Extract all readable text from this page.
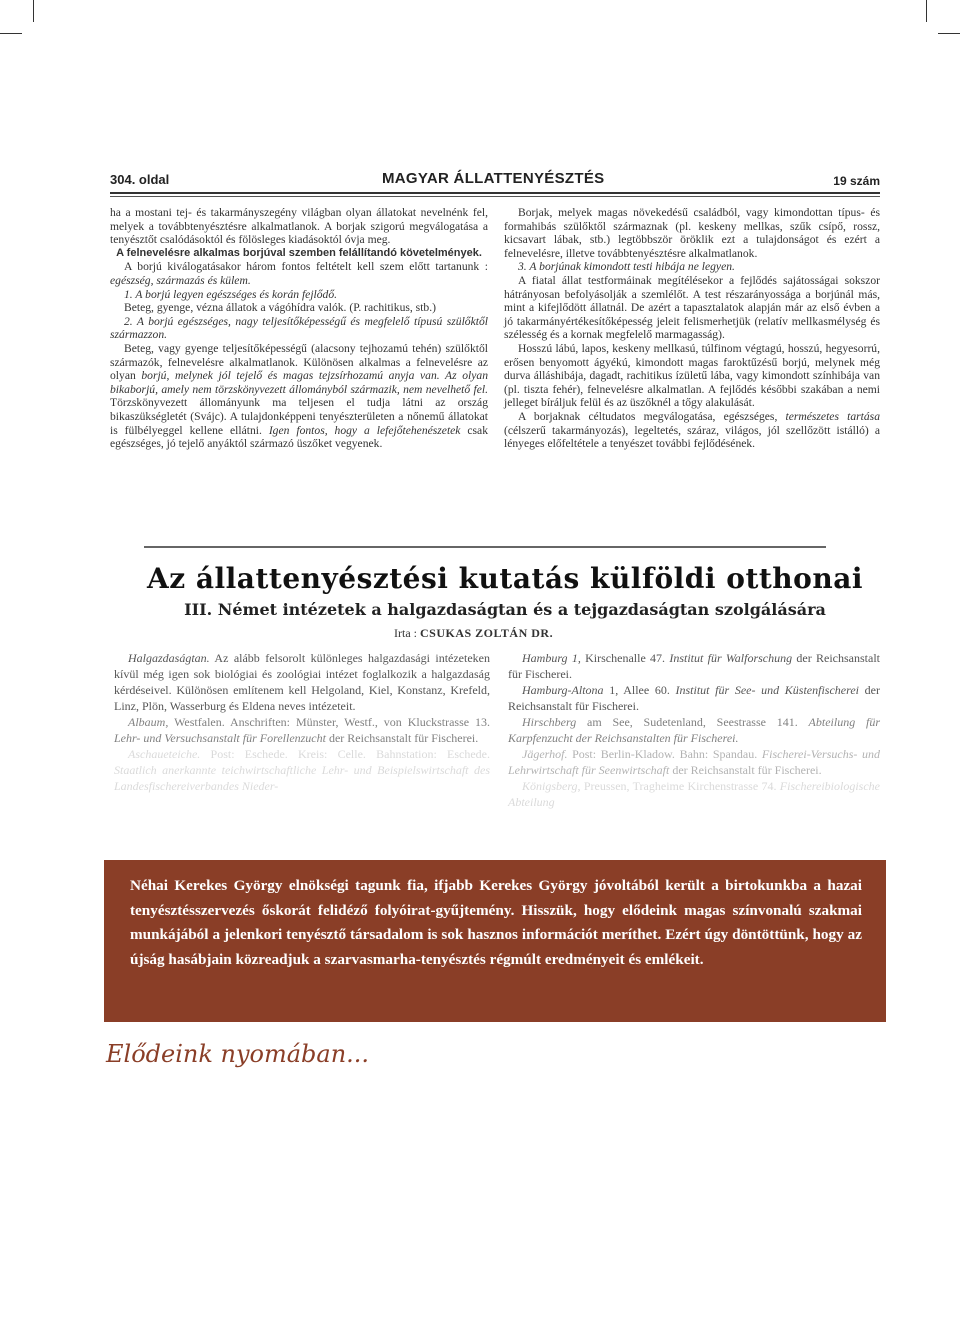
304. oldal	MAGYAR ÁLLATTENYÉSZTÉS	19 szám

ha a mostani tej- és takarmányszegény világban olyan állatokat nevelnénk fel, melyek a továbbtenyésztésre alkalmatlanok. A borjak szigorú megválogatása a tenyésztőt csalódásoktól és fölösleges kiadásoktól óvja meg.

A felnevelésre alkalmas borjúval szemben felállítandó követelmények.

A borjú kiválogatásakor három fontos feltételt kell szem előtt tartanunk : egészség, származás és külem.

1. A borjú legyen egészséges és korán fejlődő.

Beteg, gyenge, vézna állatok a vágóhídra valók. (P. rachitikus, stb.)

2. A borjú egészséges, nagy teljesítőképességű és megfelelő típusú szülőktől származzon.

Beteg, vagy gyenge teljesítőképességű (alacsony tejhozamú tehén) szülőktől származók, felnevelésre alkalmatlanok. Különösen alkalmas a felnevelésre az olyan borjú, melynek jól tejelő és magas tejzsírhozamú anyja van. Az olyan bikaborjú, amely nem törzskönyvezett állományból származik, nem nevelhető fel. Törzskönyvezett állományunk ma teljesen el tudja látni az ország bikaszükségletét (Svájc). A tulajdonképpeni tenyészterületen a nőnemű állatokat is fülbélyeggel kellene ellátni. Igen fontos, hogy a lefejőtehenészetek csak egészséges, jó tejelő anyáktól származó üszőket vegyenek.

Borjak, melyek magas növekedésű családból, vagy kimondottan típus- és formahibás szülőktől származnak (pl. keskeny mellkas, szűk csípő, rossz, kicsavart lábak, stb.) legtöbbször öröklik ezt a tulajdonságot és ezért a felnevelésre, illetve továbbtenyésztésre alkalmatlanok.

3. A borjúnak kimondott testi hibája ne legyen.

A fiatal állat testformáinak megítélésekor a fejlődés sajátosságai sokszor hátrányosan befolyásolják a szemlélőt. A test részarányossága a borjúnál más, mint a kifejlődött állatnál. De azért a tapasztalatok alapján már az első évben a jó takarmányértékesítőképesség jeleit felismerhetjük (relatív mellkasmélység és szélesség és a kornak megfelelő marmagasság).

Hosszú lábú, lapos, keskeny mellkasú, túlfinom végtagú, hosszú, hegyesorrú, erősen benyomott ágyékú, kimondott magas faroktűzésű borjú, melynek még durva álláshibája, dagadt, rachitikus ízületű lába, vagy kimondott színhibája van (pl. tiszta fehér), felnevelésre alkalmatlan. A fejlődés későbbi szakában a nemi jelleget bírálјuk felül és az üszőknél a tőgy alakulását.

A borjaknak céltudatos megválogatása, egészséges, természetes tartása (célszerű takarmányozás), legeltetés, száraz, világos, jól szellőzött istálló) a lényeges előfeltétele a tenyészet további fejlődésének.

Az állattenyésztési kutatás külföldi otthonai
III. Német intézetek a halgazdaságtan és a tejgazdaságtan szolgálására
Irta : CSUKAS ZOLTÁN DR.

Halgazdaságtan. Az alább felsorolt különleges halgazdasági intézeteken kívül még igen sok biológiai és zoológiai intézet foglalkozik a halgazdaság kérdéseivel. Különösen említenem kell Helgoland, Kiel, Konstanz, Krefeld, Linz, Plön, Wasserburg és Eldena neves intézeteit.

Albaum, Westfalen. Anschriften: Münster, Westf., von Kluckstrasse 13. Lehr- und Versuchsanstalt für Forellenzucht der Reichsanstalt für Fischerei.

Aschaueteiche. Post: Eschede. Kreis: Celle. Bahnstation: Eschede. Staatlich anerkannte teichwirtschaftliche Lehr- und Beispielswirtschaft des Landesfischereiverbandes Nieder-

Hamburg 1, Kirschenalle 47. Institut für Walforschung der Reichsanstalt für Fischerei.

Hamburg-Altona 1, Allee 60. Institut für See- und Küstenfischerei der Reichsanstalt für Fischerei.

Hirschberg am See, Sudetenland, Seestrasse 141. Abteilung für Karpfenzucht der Reichsanstalten für Fischerei.

Jägerhof. Post: Berlin-Kladow. Bahn: Spandau. Fischerei-Versuchs- und Lehrwirtschaft für Seenwirtschaft der Reichsanstalt für Fischerei.

Königsberg, Preussen, Tragheime Kirchenstrasse 74. Fischereibiologische Abteilung

Néhai Kerekes György elnökségi tagunk fia, ifjabb Kerekes György jóvoltából került a birtokunkba a hazai tenyésztésszervezés őskorát felidéző folyóirat-gyűjtemény. Hisszük, hogy elődeink magas színvonalú szakmai munkájából a jelenkori tenyésztő társadalom is sok hasznos információt meríthet. Ezért úgy döntöttünk, hogy az újság hasábjain közreadjuk a szarvasmarha-tenyésztés régmúlt eredményeit és emlékeit.

Elődeink nyomában...
